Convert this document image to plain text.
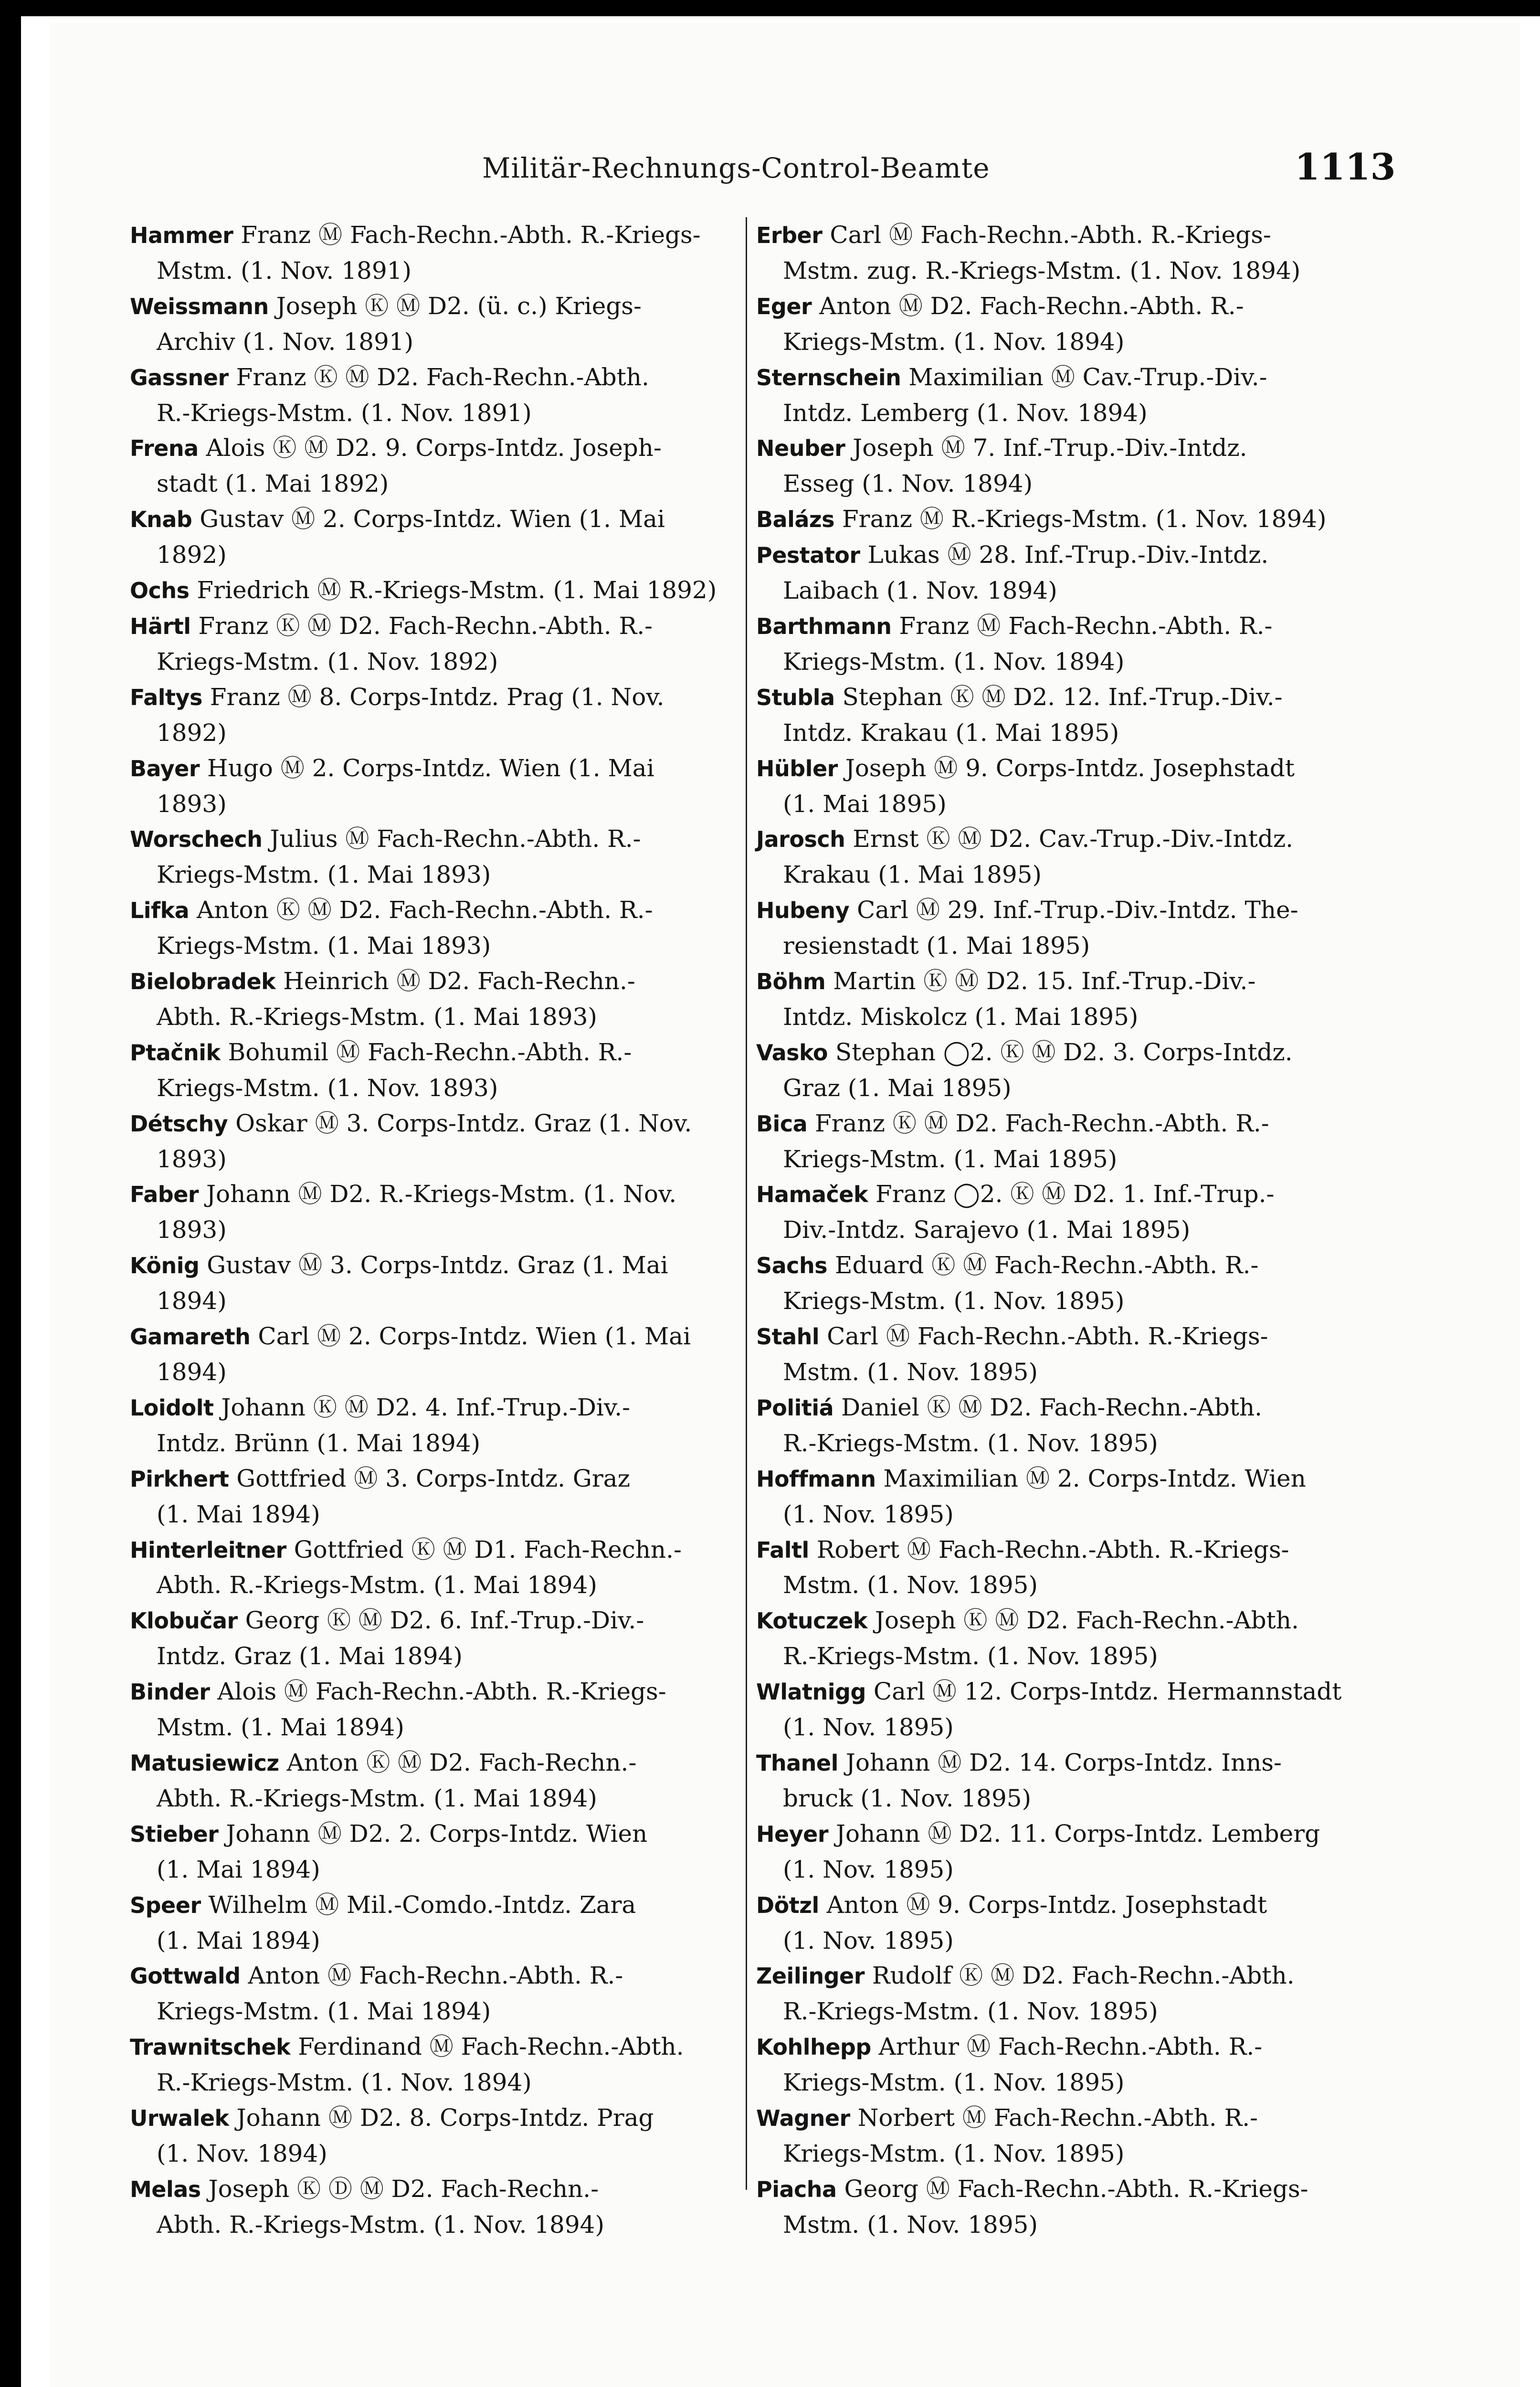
Militär-Rechnungs-Control-Beamte	1113
Hammer Franz Ⓜ Fach-Rechn.-Abth. R.-Kriegs-
Mstm. (1. Nov. 1891)
Weissmann Joseph Ⓚ Ⓜ D2. (ü. c.) Kriegs-
Archiv (1. Nov. 1891)
Gassner Franz Ⓚ Ⓜ D2. Fach-Rechn.-Abth.
R.-Kriegs-Mstm. (1. Nov. 1891)
Frena Alois Ⓚ Ⓜ D2. 9. Corps-Intdz. Joseph-
stadt (1. Mai 1892)
Knab Gustav Ⓜ 2. Corps-Intdz. Wien (1. Mai
1892)
Ochs Friedrich Ⓜ R.-Kriegs-Mstm. (1. Mai 1892)
Härtl Franz Ⓚ Ⓜ D2. Fach-Rechn.-Abth. R.-
Kriegs-Mstm. (1. Nov. 1892)
Faltys Franz Ⓜ 8. Corps-Intdz. Prag (1. Nov.
1892)
Bayer Hugo Ⓜ 2. Corps-Intdz. Wien (1. Mai
1893)
Worschech Julius Ⓜ Fach-Rechn.-Abth. R.-
Kriegs-Mstm. (1. Mai 1893)
Lifka Anton Ⓚ Ⓜ D2. Fach-Rechn.-Abth. R.-
Kriegs-Mstm. (1. Mai 1893)
Bielobradek Heinrich Ⓜ D2. Fach-Rechn.-
Abth. R.-Kriegs-Mstm. (1. Mai 1893)
Ptačnik Bohumil Ⓜ Fach-Rechn.-Abth. R.-
Kriegs-Mstm. (1. Nov. 1893)
Détschy Oskar Ⓜ 3. Corps-Intdz. Graz (1. Nov.
1893)
Faber Johann Ⓜ D2. R.-Kriegs-Mstm. (1. Nov.
1893)
König Gustav Ⓜ 3. Corps-Intdz. Graz (1. Mai
1894)
Gamareth Carl Ⓜ 2. Corps-Intdz. Wien (1. Mai
1894)
Loidolt Johann Ⓚ Ⓜ D2. 4. Inf.-Trup.-Div.-
Intdz. Brünn (1. Mai 1894)
Pirkhert Gottfried Ⓜ 3. Corps-Intdz. Graz
(1. Mai 1894)
Hinterleitner Gottfried Ⓚ Ⓜ D1. Fach-Rechn.-
Abth. R.-Kriegs-Mstm. (1. Mai 1894)
Klobučar Georg Ⓚ Ⓜ D2. 6. Inf.-Trup.-Div.-
Intdz. Graz (1. Mai 1894)
Binder Alois Ⓜ Fach-Rechn.-Abth. R.-Kriegs-
Mstm. (1. Mai 1894)
Matusiewicz Anton Ⓚ Ⓜ D2. Fach-Rechn.-
Abth. R.-Kriegs-Mstm. (1. Mai 1894)
Stieber Johann Ⓜ D2. 2. Corps-Intdz. Wien
(1. Mai 1894)
Speer Wilhelm Ⓜ Mil.-Comdo.-Intdz. Zara
(1. Mai 1894)
Gottwald Anton Ⓜ Fach-Rechn.-Abth. R.-
Kriegs-Mstm. (1. Mai 1894)
Trawnitschek Ferdinand Ⓜ Fach-Rechn.-Abth.
R.-Kriegs-Mstm. (1. Nov. 1894)
Urwalek Johann Ⓜ D2. 8. Corps-Intdz. Prag
(1. Nov. 1894)
Melas Joseph Ⓚ Ⓓ Ⓜ D2. Fach-Rechn.-
Abth. R.-Kriegs-Mstm. (1. Nov. 1894)
Erber Carl Ⓜ Fach-Rechn.-Abth. R.-Kriegs-
Mstm. zug. R.-Kriegs-Mstm. (1. Nov. 1894)
Eger Anton Ⓜ D2. Fach-Rechn.-Abth. R.-
Kriegs-Mstm. (1. Nov. 1894)
Sternschein Maximilian Ⓜ Cav.-Trup.-Div.-
Intdz. Lemberg (1. Nov. 1894)
Neuber Joseph Ⓜ 7. Inf.-Trup.-Div.-Intdz.
Esseg (1. Nov. 1894)
Balázs Franz Ⓜ R.-Kriegs-Mstm. (1. Nov. 1894)
Pestator Lukas Ⓜ 28. Inf.-Trup.-Div.-Intdz.
Laibach (1. Nov. 1894)
Barthmann Franz Ⓜ Fach-Rechn.-Abth. R.-
Kriegs-Mstm. (1. Nov. 1894)
Stubla Stephan Ⓚ Ⓜ D2. 12. Inf.-Trup.-Div.-
Intdz. Krakau (1. Mai 1895)
Hübler Joseph Ⓜ 9. Corps-Intdz. Josephstadt
(1. Mai 1895)
Jarosch Ernst Ⓚ Ⓜ D2. Cav.-Trup.-Div.-Intdz.
Krakau (1. Mai 1895)
Hubeny Carl Ⓜ 29. Inf.-Trup.-Div.-Intdz. The-
resienstadt (1. Mai 1895)
Böhm Martin Ⓚ Ⓜ D2. 15. Inf.-Trup.-Div.-
Intdz. Miskolcz (1. Mai 1895)
Vasko Stephan ◯2. Ⓚ Ⓜ D2. 3. Corps-Intdz.
Graz (1. Mai 1895)
Bica Franz Ⓚ Ⓜ D2. Fach-Rechn.-Abth. R.-
Kriegs-Mstm. (1. Mai 1895)
Hamaček Franz ◯2. Ⓚ Ⓜ D2. 1. Inf.-Trup.-
Div.-Intdz. Sarajevo (1. Mai 1895)
Sachs Eduard Ⓚ Ⓜ Fach-Rechn.-Abth. R.-
Kriegs-Mstm. (1. Nov. 1895)
Stahl Carl Ⓜ Fach-Rechn.-Abth. R.-Kriegs-
Mstm. (1. Nov. 1895)
Politiá Daniel Ⓚ Ⓜ D2. Fach-Rechn.-Abth.
R.-Kriegs-Mstm. (1. Nov. 1895)
Hoffmann Maximilian Ⓜ 2. Corps-Intdz. Wien
(1. Nov. 1895)
Faltl Robert Ⓜ Fach-Rechn.-Abth. R.-Kriegs-
Mstm. (1. Nov. 1895)
Kotuczek Joseph Ⓚ Ⓜ D2. Fach-Rechn.-Abth.
R.-Kriegs-Mstm. (1. Nov. 1895)
Wlatnigg Carl Ⓜ 12. Corps-Intdz. Hermannstadt
(1. Nov. 1895)
Thanel Johann Ⓜ D2. 14. Corps-Intdz. Inns-
bruck (1. Nov. 1895)
Heyer Johann Ⓜ D2. 11. Corps-Intdz. Lemberg
(1. Nov. 1895)
Dötzl Anton Ⓜ 9. Corps-Intdz. Josephstadt
(1. Nov. 1895)
Zeilinger Rudolf Ⓚ Ⓜ D2. Fach-Rechn.-Abth.
R.-Kriegs-Mstm. (1. Nov. 1895)
Kohlhepp Arthur Ⓜ Fach-Rechn.-Abth. R.-
Kriegs-Mstm. (1. Nov. 1895)
Wagner Norbert Ⓜ Fach-Rechn.-Abth. R.-
Kriegs-Mstm. (1. Nov. 1895)
Piacha Georg Ⓜ Fach-Rechn.-Abth. R.-Kriegs-
Mstm. (1. Nov. 1895)
